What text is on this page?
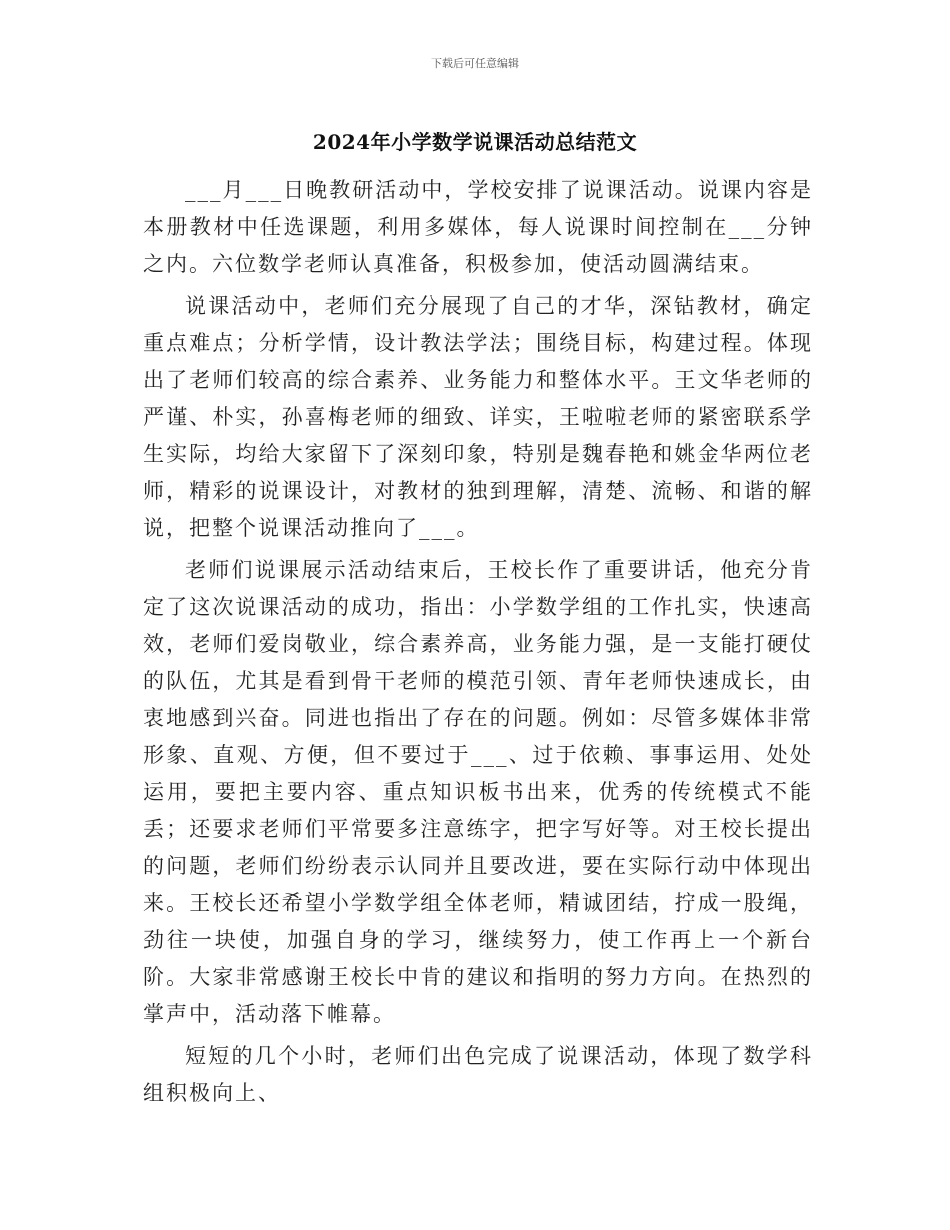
下载后可任意编辑
2024年小学数学说课活动总结范文

___月___日晚教研活动中，学校安排了说课活动。说课内容是本册教材中任选课题，利用多媒体，每人说课时间控制在___分钟之内。六位数学老师认真准备，积极参加，使活动圆满结束。

说课活动中，老师们充分展现了自己的才华，深钻教材，确定重点难点；分析学情，设计教法学法；围绕目标，构建过程。体现出了老师们较高的综合素养、业务能力和整体水平。王文华老师的严谨、朴实，孙喜梅老师的细致、详实，王啦啦老师的紧密联系学生实际，均给大家留下了深刻印象，特别是魏春艳和姚金华两位老师，精彩的说课设计，对教材的独到理解，清楚、流畅、和谐的解说，把整个说课活动推向了___。

老师们说课展示活动结束后，王校长作了重要讲话，他充分肯定了这次说课活动的成功，指出：小学数学组的工作扎实，快速高效，老师们爱岗敬业，综合素养高，业务能力强，是一支能打硬仗的队伍，尤其是看到骨干老师的模范引领、青年老师快速成长，由衷地感到兴奋。同进也指出了存在的问题。例如：尽管多媒体非常形象、直观、方便，但不要过于___、过于依赖、事事运用、处处运用，要把主要内容、重点知识板书出来，优秀的传统模式不能丢；还要求老师们平常要多注意练字，把字写好等。对王校长提出的问题，老师们纷纷表示认同并且要改进，要在实际行动中体现出来。王校长还希望小学数学组全体老师，精诚团结，拧成一股绳，劲往一块使，加强自身的学习，继续努力，使工作再上一个新台阶。大家非常感谢王校长中肯的建议和指明的努力方向。在热烈的掌声中，活动落下帷幕。

短短的几个小时，老师们出色完成了说课活动，体现了数学科组积极向上、
